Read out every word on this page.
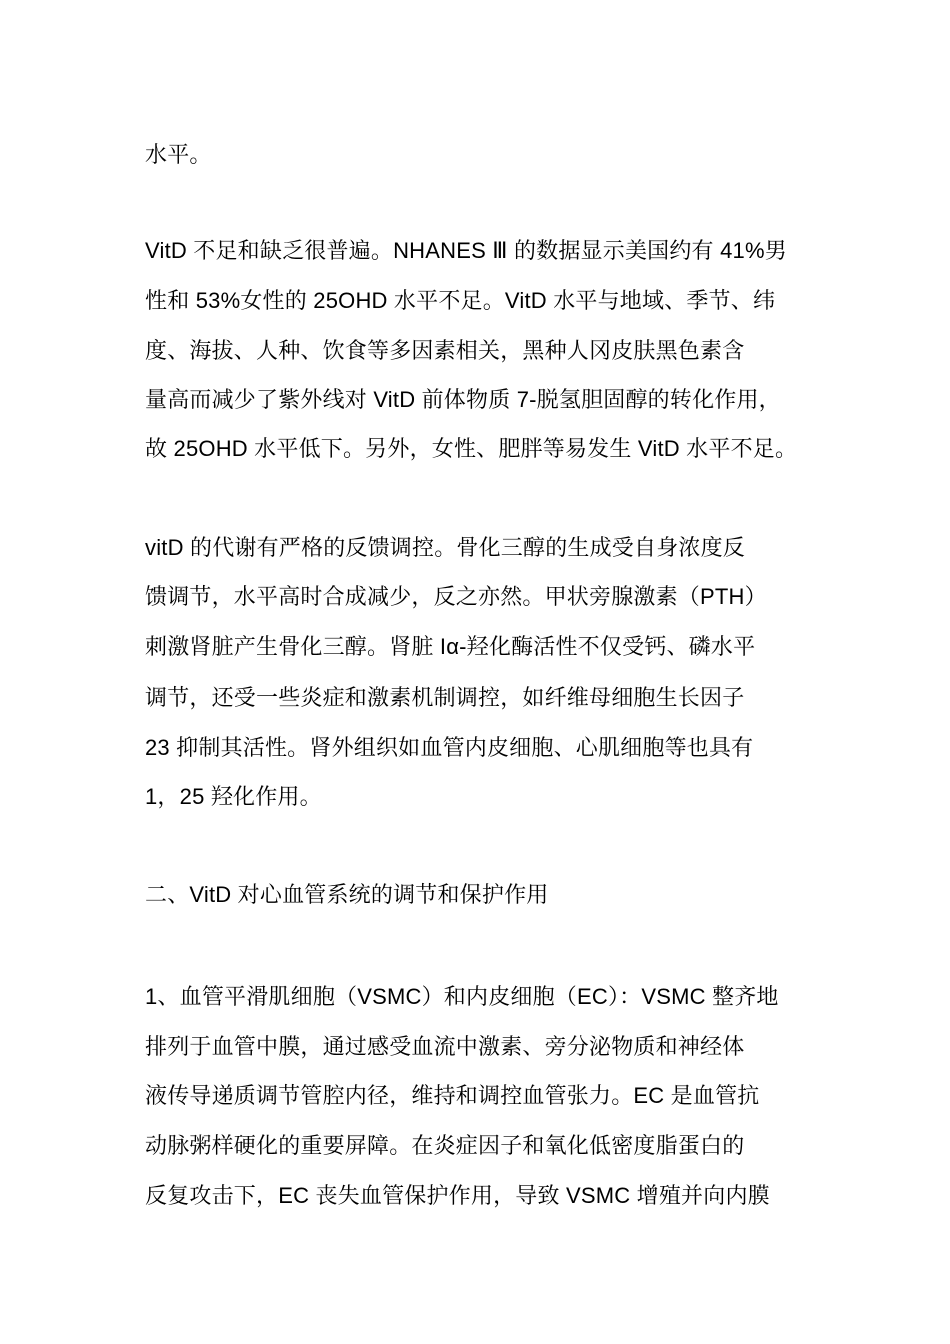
水平。
VitD 不足和缺乏很普遍。NHANES Ⅲ 的数据显示美国约有 41%男
性和 53%女性的 25OHD 水平不足。VitD 水平与地域、季节、纬
度、海拔、人种、饮食等多因素相关，黑种人冈皮肤黑色素含
量高而减少了紫外线对 VitD 前体物质 7-脱氢胆固醇的转化作用，
故 25OHD 水平低下。另外，女性、肥胖等易发生 VitD 水平不足。
vitD 的代谢有严格的反馈调控。骨化三醇的生成受自身浓度反
馈调节，水平高时合成减少，反之亦然。甲状旁腺激素（PTH）
刺激肾脏产生骨化三醇。肾脏 Iα-羟化酶活性不仅受钙、磷水平
调节，还受一些炎症和激素机制调控，如纤维母细胞生长因子
23 抑制其活性。肾外组织如血管内皮细胞、心肌细胞等也具有
1，25 羟化作用。
二、VitD 对心血管系统的调节和保护作用
1、血管平滑肌细胞（VSMC）和内皮细胞（EC）：VSMC 整齐地
排列于血管中膜，通过感受血流中激素、旁分泌物质和神经体
液传导递质调节管腔内径，维持和调控血管张力。EC 是血管抗
动脉粥样硬化的重要屏障。在炎症因子和氧化低密度脂蛋白的
反复攻击下，EC 丧失血管保护作用，导致 VSMC 增殖并向内膜
